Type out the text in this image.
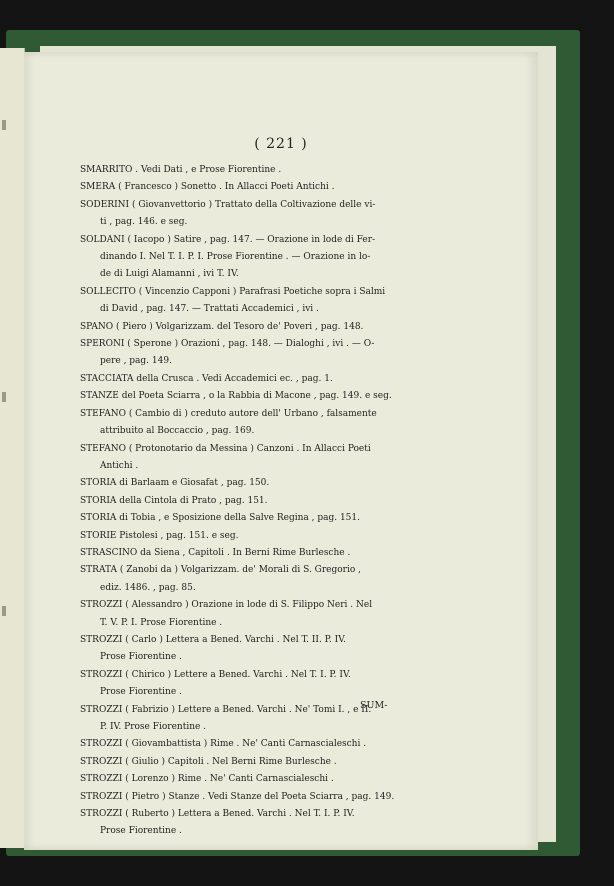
( 221 )
SMARRITO . Vedi Dati , e Prose Fiorentine .
SMERA ( Francesco ) Sonetto . In Allacci Poeti Antichi .
SODERINI ( Giovanvettorio ) Trattato della Coltivazione delle vi-
ti , pag. 146. e seg.
SOLDANI ( Iacopo ) Satire , pag. 147. — Orazione in lode di Fer-
dinando I. Nel T. I. P. I. Prose Fiorentine . — Orazione in lo-
de di Luigi Alamanni , ivi T. IV.
SOLLECITO ( Vincenzio Capponi ) Parafrasi Poetiche sopra i Salmi
di David , pag. 147. — Trattati Accademici , ivi .
SPANO ( Piero ) Volgarizzam. del Tesoro de' Poveri , pag. 148.
SPERONI ( Sperone ) Orazioni , pag. 148. — Dialoghi , ivi . — O-
pere , pag. 149.
STACCIATA della Crusca . Vedi Accademici ec. , pag. 1.
STANZE del Poeta Sciarra , o la Rabbia di Macone , pag. 149. e seg.
STEFANO ( Cambio di ) creduto autore dell' Urbano , falsamente
attribuito al Boccaccio , pag. 169.
STEFANO ( Protonotario da Messina ) Canzoni . In Allacci Poeti
Antichi .
STORIA di Barlaam e Giosafat , pag. 150.
STORIA della Cintola di Prato , pag. 151.
STORIA di Tobia , e Sposizione della Salve Regina , pag. 151.
STORIE Pistolesi , pag. 151. e seg.
STRASCINO da Siena , Capitoli . In Berni Rime Burlesche .
STRATA ( Zanobi da ) Volgarizzam. de' Morali di S. Gregorio ,
ediz. 1486. , pag. 85.
STROZZI ( Alessandro ) Orazione in lode di S. Filippo Neri . Nel
T. V. P. I. Prose Fiorentine .
STROZZI ( Carlo ) Lettera a Bened. Varchi . Nel T. II. P. IV.
Prose Fiorentine .
STROZZI ( Chirico ) Lettere a Bened. Varchi . Nel T. I. P. IV.
Prose Fiorentine .
STROZZI ( Fabrizio ) Lettere a Bened. Varchi . Ne' Tomi I. , e II.
P. IV. Prose Fiorentine .
STROZZI ( Giovambattista ) Rime . Ne' Canti Carnascialeschi .
STROZZI ( Giulio ) Capitoli . Nel Berni Rime Burlesche .
STROZZI ( Lorenzo ) Rime . Ne' Canti Carnascialeschi .
STROZZI ( Pietro ) Stanze . Vedi Stanze del Poeta Sciarra , pag. 149.
STROZZI ( Ruberto ) Lettera a Bened. Varchi . Nel T. I. P. IV.
Prose Fiorentine .
SUM-
